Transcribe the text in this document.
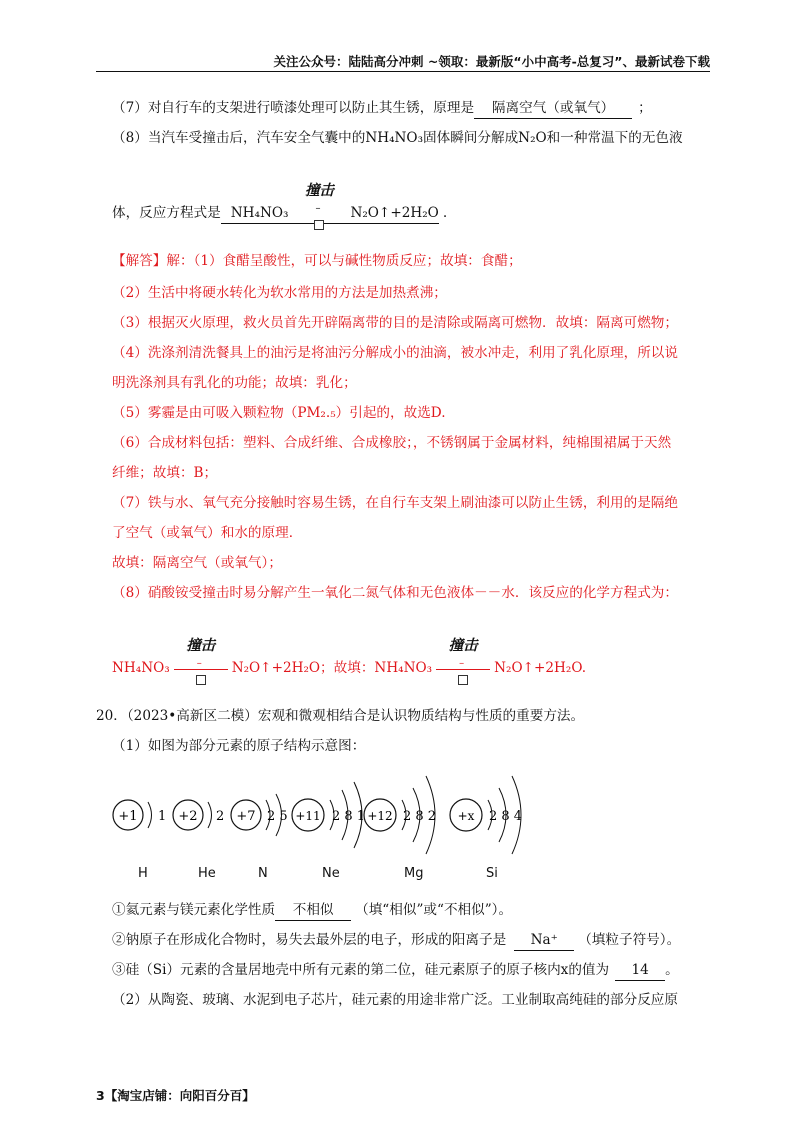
关注公众号：陆陆高分冲刺 ~领取：最新版“小中高考-总复习”、最新试卷下载
（7）对自行车的支架进行喷漆处理可以防止其生锈，原理是 隔离空气（或氧气） ；
（8）当汽车受撞击后，汽车安全气囊中的NH₄NO₃固体瞬间分解成N₂O和一种常温下的无色液
体，反应方程式是 NH₄NO₃
撞击
– N₂O↑+2H₂O .
【解答】解：（1）食醋呈酸性，可以与碱性物质反应；故填：食醋；
（2）生活中将硬水转化为软水常用的方法是加热煮沸；
（3）根据灭火原理，救火员首先开辟隔离带的目的是清除或隔离可燃物．故填：隔离可燃物；
（4）洗涤剂清洗餐具上的油污是将油污分解成小的油滴，被水冲走，利用了乳化原理，所以说
明洗涤剂具有乳化的功能；故填：乳化；
（5）雾霾是由可吸入颗粒物（PM₂.₅）引起的，故选D.
（6）合成材料包括：塑料、合成纤维、合成橡胶；，不锈钢属于金属材料，纯棉围裙属于天然
纤维；故填：B；
（7）铁与水、氧气充分接触时容易生锈，在自行车支架上刷油漆可以防止生锈，利用的是隔绝
了空气（或氧气）和水的原理．
故填：隔离空气（或氧气）；
（8）硝酸铵受撞击时易分解产生一氧化二氮气体和无色液体－－水．该反应的化学方程式为：
NH₄NO₃
撞击
– N₂O↑+2H₂O；故填：NH₄NO₃
撞击
– N₂O↑+2H₂O.
20．（2023•高新区二模）宏观和微观相结合是认识物质结构与性质的重要方法。
（1）如图为部分元素的原子结构示意图：
+1 1 +2 2 +7 2 5 +11 2 8 1 +12 2 8 2 +x 2 8 4
H	He	N	Ne	Mg	Si
①氦元素与镁元素化学性质 不相似 （填“相似”或“不相似”）。
②钠原子在形成化合物时，易失去最外层的电子，形成的阳离子是 Na⁺ （填粒子符号）。
③硅（Si）元素的含量居地壳中所有元素的第二位，硅元素原子的原子核内x的值为 14 。
（2）从陶瓷、玻璃、水泥到电子芯片，硅元素的用途非常广泛。工业制取高纯硅的部分反应原
3【淘宝店铺：向阳百分百】
